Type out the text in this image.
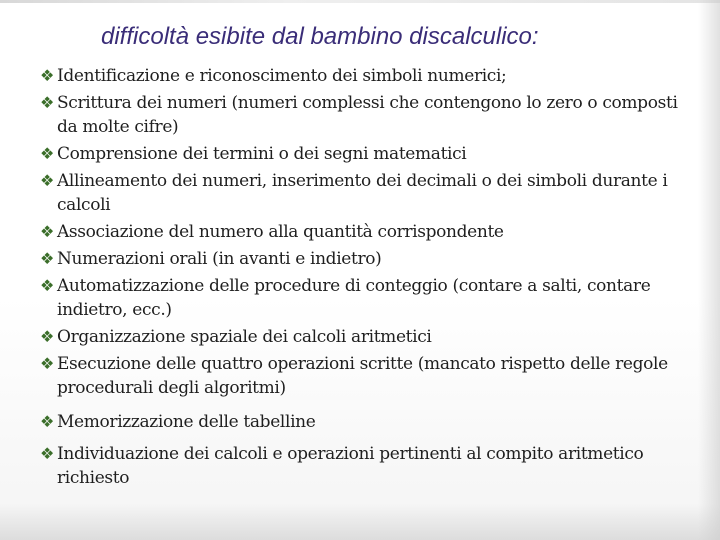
difficoltà esibite dal bambino discalculico:
❖ Identificazione e riconoscimento dei simboli numerici;
❖ Scrittura dei numeri (numeri complessi che contengono lo zero o composti da molte cifre)
❖ Comprensione dei termini o dei segni matematici
❖ Allineamento dei numeri, inserimento dei decimali o dei simboli durante i calcoli
❖ Associazione del numero alla quantità corrispondente
❖ Numerazioni orali (in avanti e indietro)
❖ Automatizzazione delle procedure di conteggio (contare a salti, contare indietro, ecc.)
❖ Organizzazione spaziale dei calcoli aritmetici
❖ Esecuzione delle quattro operazioni scritte (mancato rispetto delle regole procedurali degli algoritmi)
❖ Memorizzazione delle tabelline
❖ Individuazione dei calcoli e operazioni pertinenti al compito aritmetico richiesto
